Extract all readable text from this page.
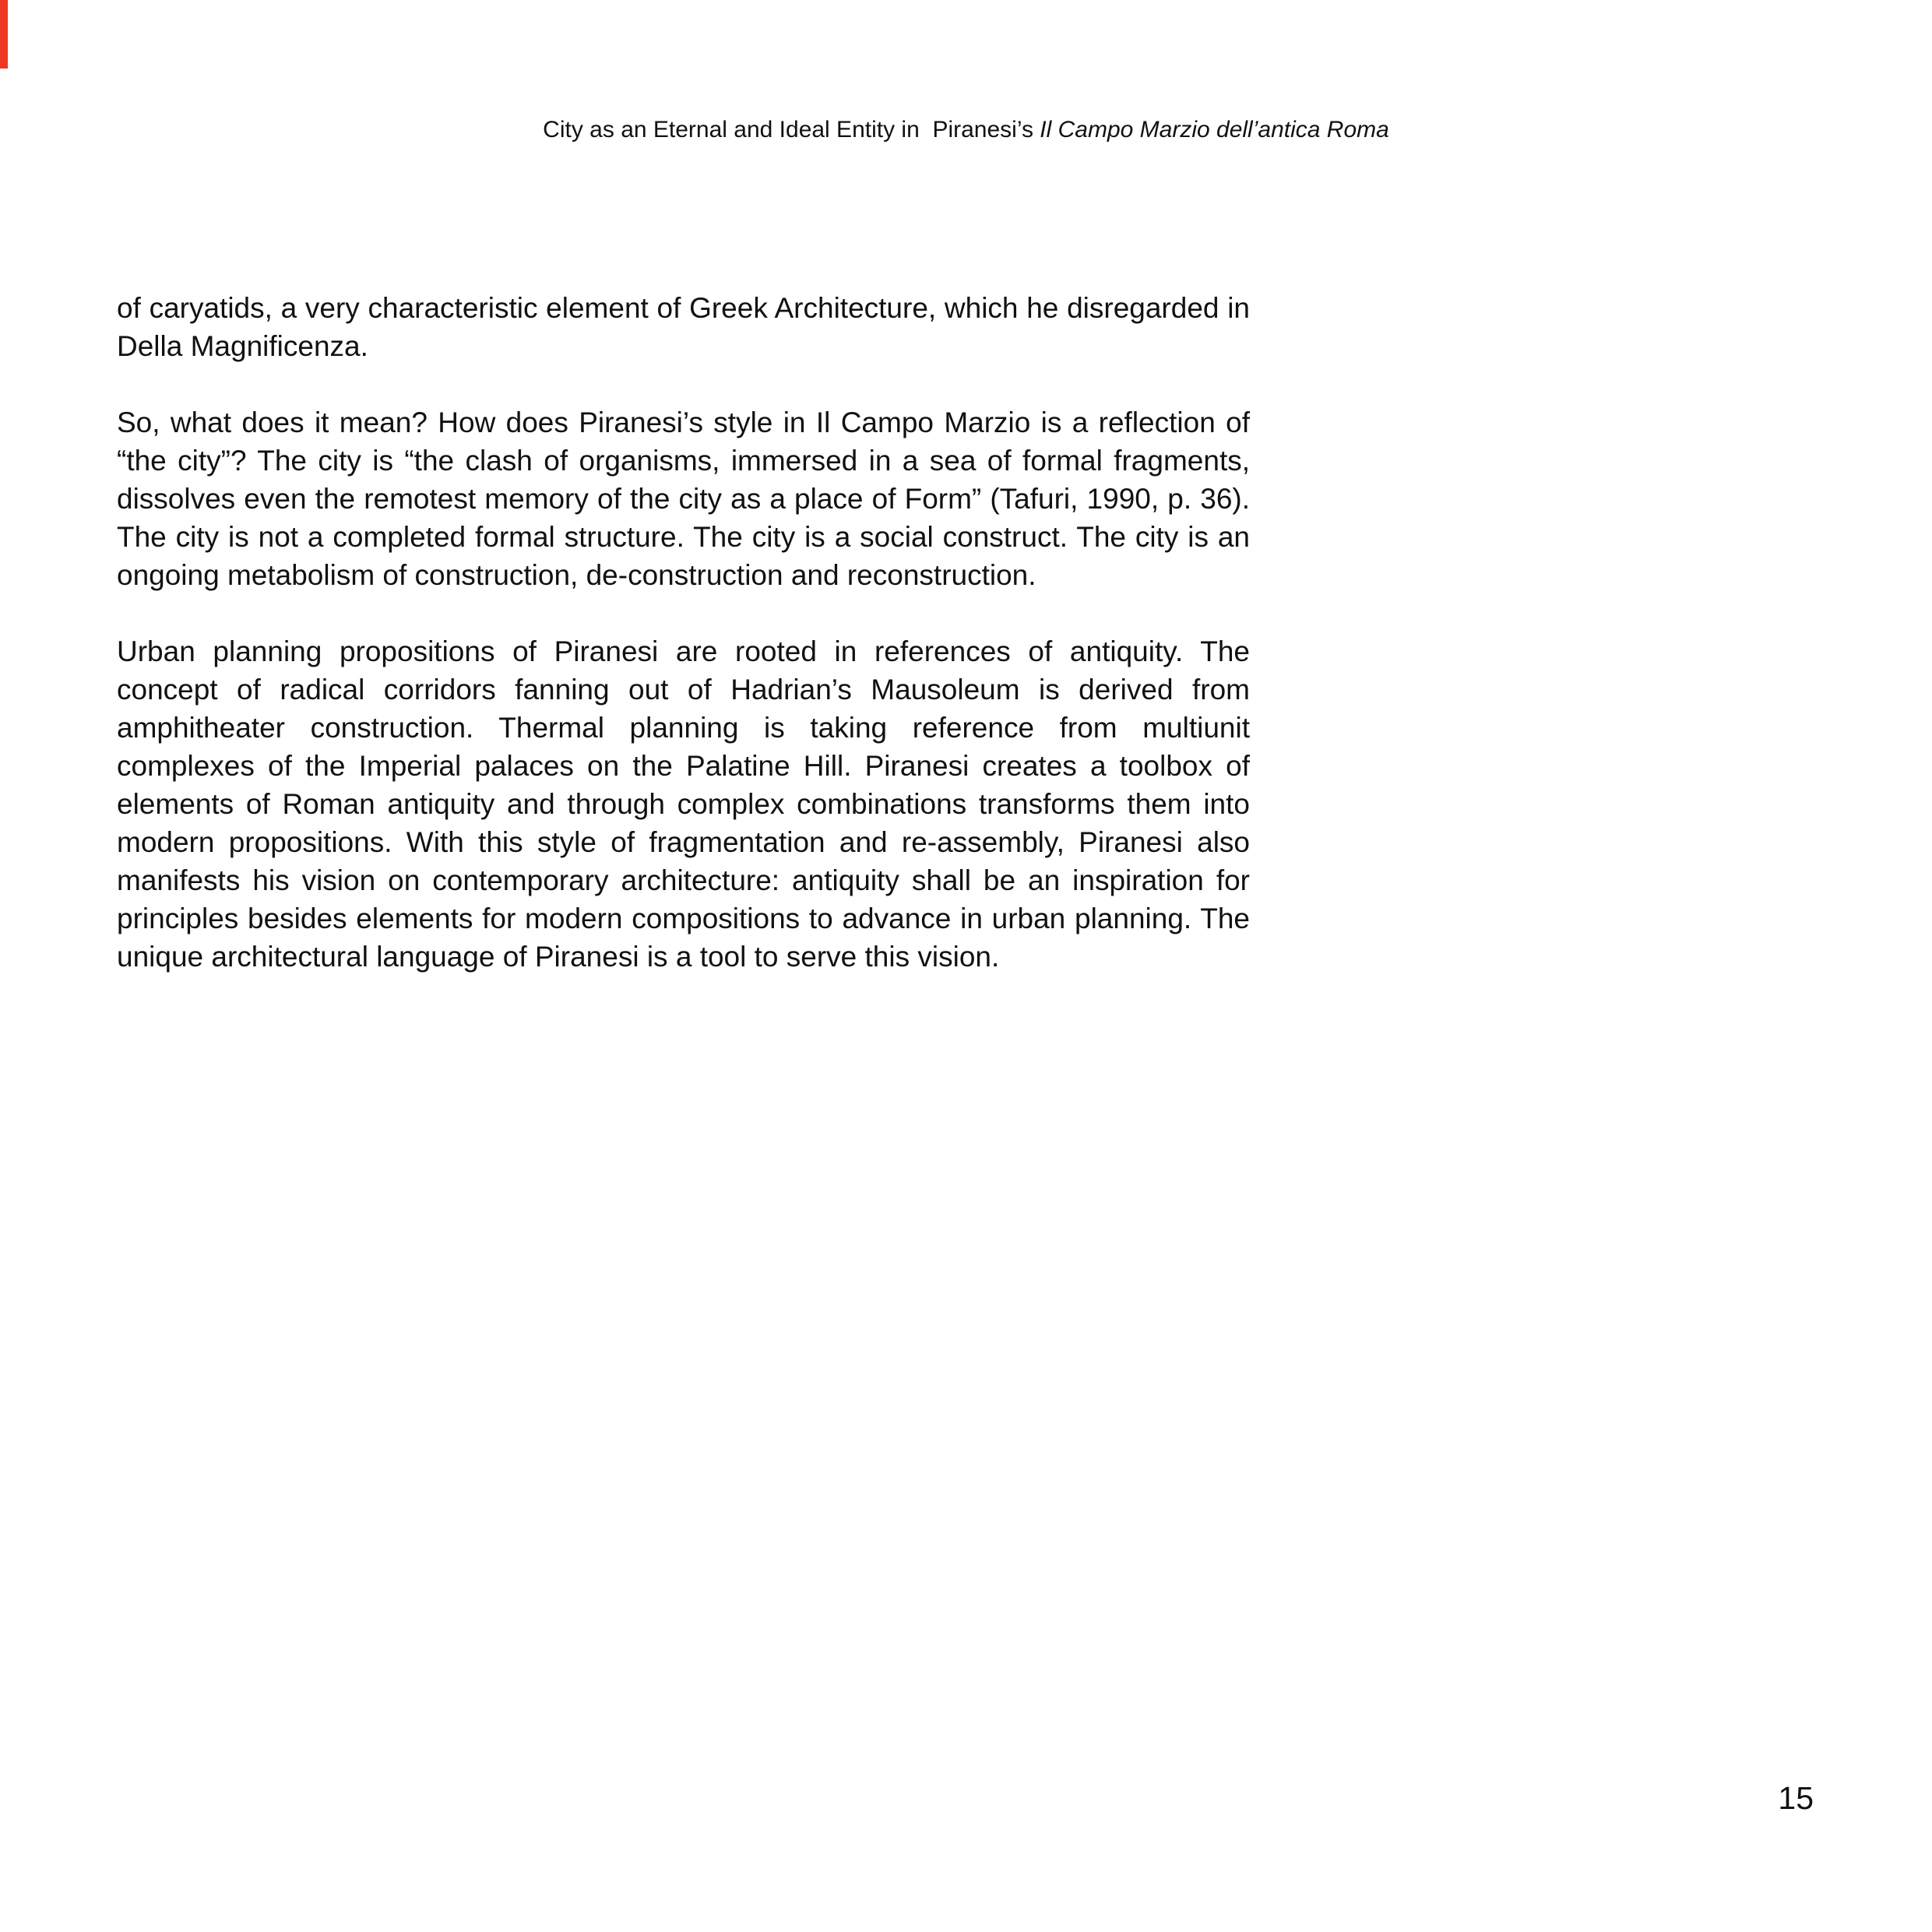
City as an Eternal and Ideal Entity in  Piranesi’s Il Campo Marzio dell’antica Roma

of caryatids, a very characteristic element of Greek Architecture, which he disregarded in Della Magnificenza.

So, what does it mean? How does Piranesi’s style in Il Campo Marzio is a reflection of “the city”? The city is “the clash of organisms, immersed in a sea of formal fragments, dissolves even the remotest memory of the city as a place of Form” (Tafuri, 1990, p. 36). The city is not a completed formal structure. The city is a social construct. The city is an ongoing metabolism of construction, de-construction and reconstruction.

Urban planning propositions of Piranesi are rooted in references of antiquity. The concept of radical corridors fanning out of Hadrian’s Mausoleum is derived from amphitheater construction. Thermal planning is taking reference from multiunit complexes of the Imperial palaces on the Palatine Hill. Piranesi creates a toolbox of elements of Roman antiquity and through complex combinations transforms them into modern propositions. With this style of fragmentation and re-assembly, Piranesi also manifests his vision on contemporary architecture: antiquity shall be an inspiration for principles besides elements for modern compositions to advance in urban planning. The unique architectural language of Piranesi is a tool to serve this vision.

15
